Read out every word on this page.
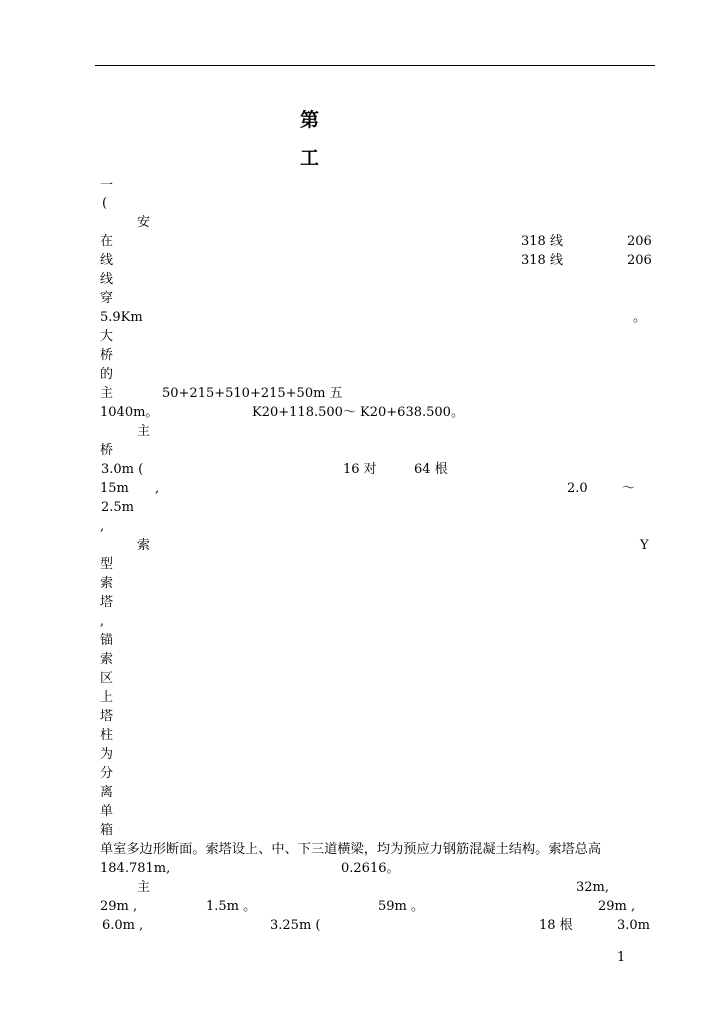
第
工
一
(
安
在	318 线	206
线	318 线	206
线
穿
5.9Km	。
大
桥
的
主	50+215+510+215+50m 五
1040m。	K20+118.500～ K20+638.500。
主
桥
3.0m (	16 对	64 根
15m ,	2.0	～
2.5m
,
索	Y
型
索
塔
,
锚
索
区
上
塔
柱
为
分
离
单
箱
单室多边形断面。索塔设上、中、下三道横梁，均为预应力钢筋混凝土结构。索塔总高
184.781m,	0.2616。
主	32m,
29m ,	1.5m 。	59m 。	29m ,
6.0m ,	3.25m (	18 根	3.0m
1
